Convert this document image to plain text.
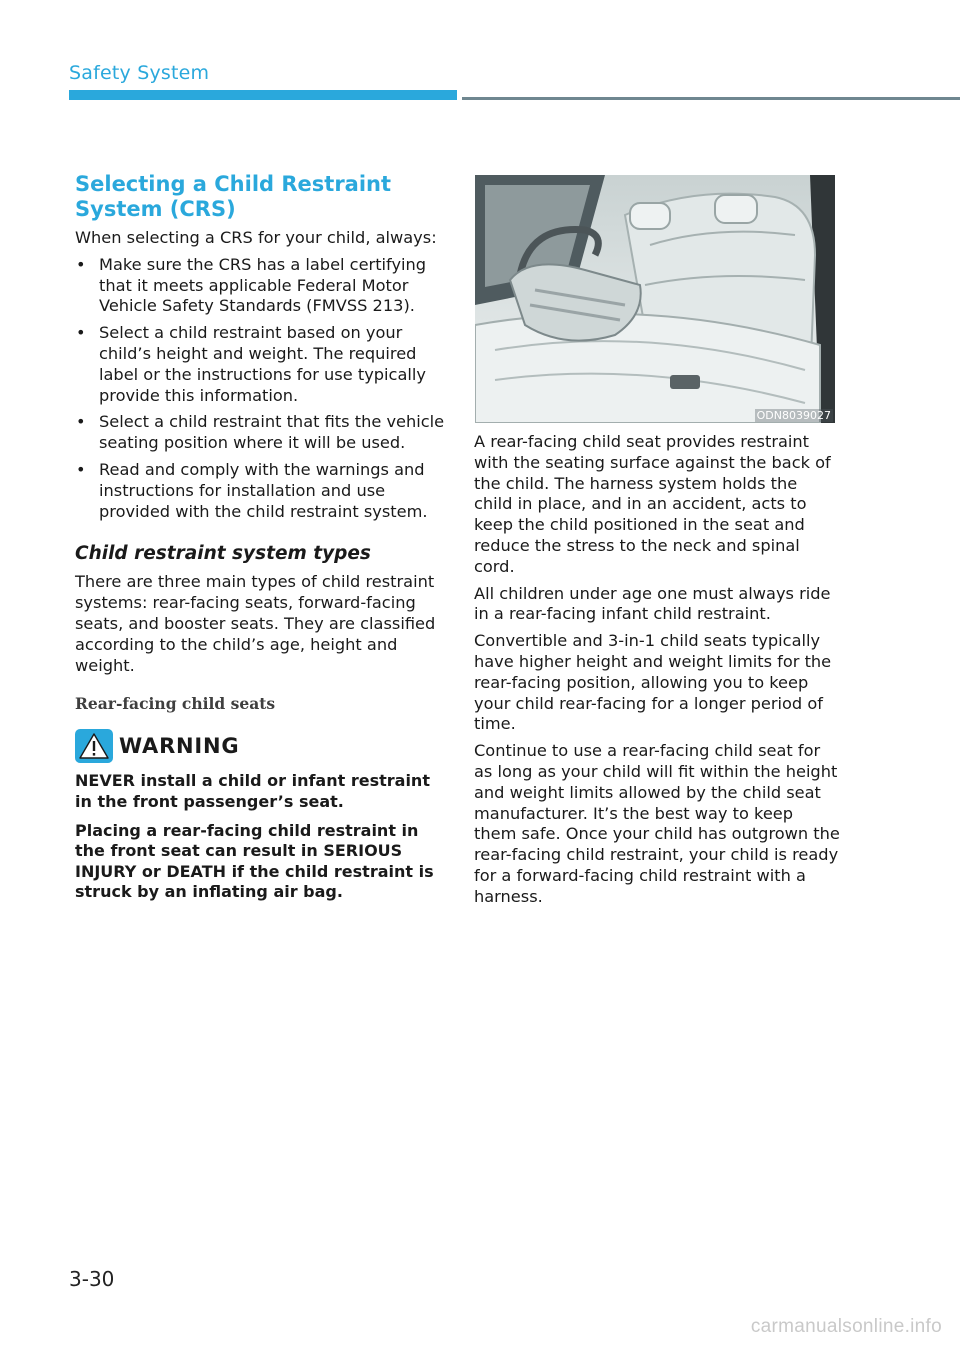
Safety System
Selecting a Child Restraint System (CRS)

When selecting a CRS for your child, always:

• Make sure the CRS has a label certifying that it meets applicable Federal Motor Vehicle Safety Standards (FMVSS 213).
• Select a child restraint based on your child’s height and weight. The required label or the instructions for use typically provide this information.
• Select a child restraint that fits the vehicle seating position where it will be used.
• Read and comply with the warnings and instructions for installation and use provided with the child restraint system.
Child restraint system types

There are three main types of child restraint systems: rear-facing seats, forward-facing seats, and booster seats. They are classified according to the child’s age, height and weight.

Rear-facing child seats
WARNING

NEVER install a child or infant restraint in the front passenger’s seat.

Placing a rear-facing child restraint in the front seat can result in SERIOUS INJURY or DEATH if the child restraint is struck by an inflating air bag.

ODN8039027

A rear-facing child seat provides restraint with the seating surface against the back of the child. The harness system holds the child in place, and in an accident, acts to keep the child positioned in the seat and reduce the stress to the neck and spinal cord.

All children under age one must always ride in a rear-facing infant child restraint.

Convertible and 3-in-1 child seats typically have higher height and weight limits for the rear-facing position, allowing you to keep your child rear-facing for a longer period of time.

Continue to use a rear-facing child seat for as long as your child will fit within the height and weight limits allowed by the child seat manufacturer. It’s the best way to keep them safe. Once your child has outgrown the rear-facing child restraint, your child is ready for a forward-facing child restraint with a harness.

3-30
carmanualsonline.info
